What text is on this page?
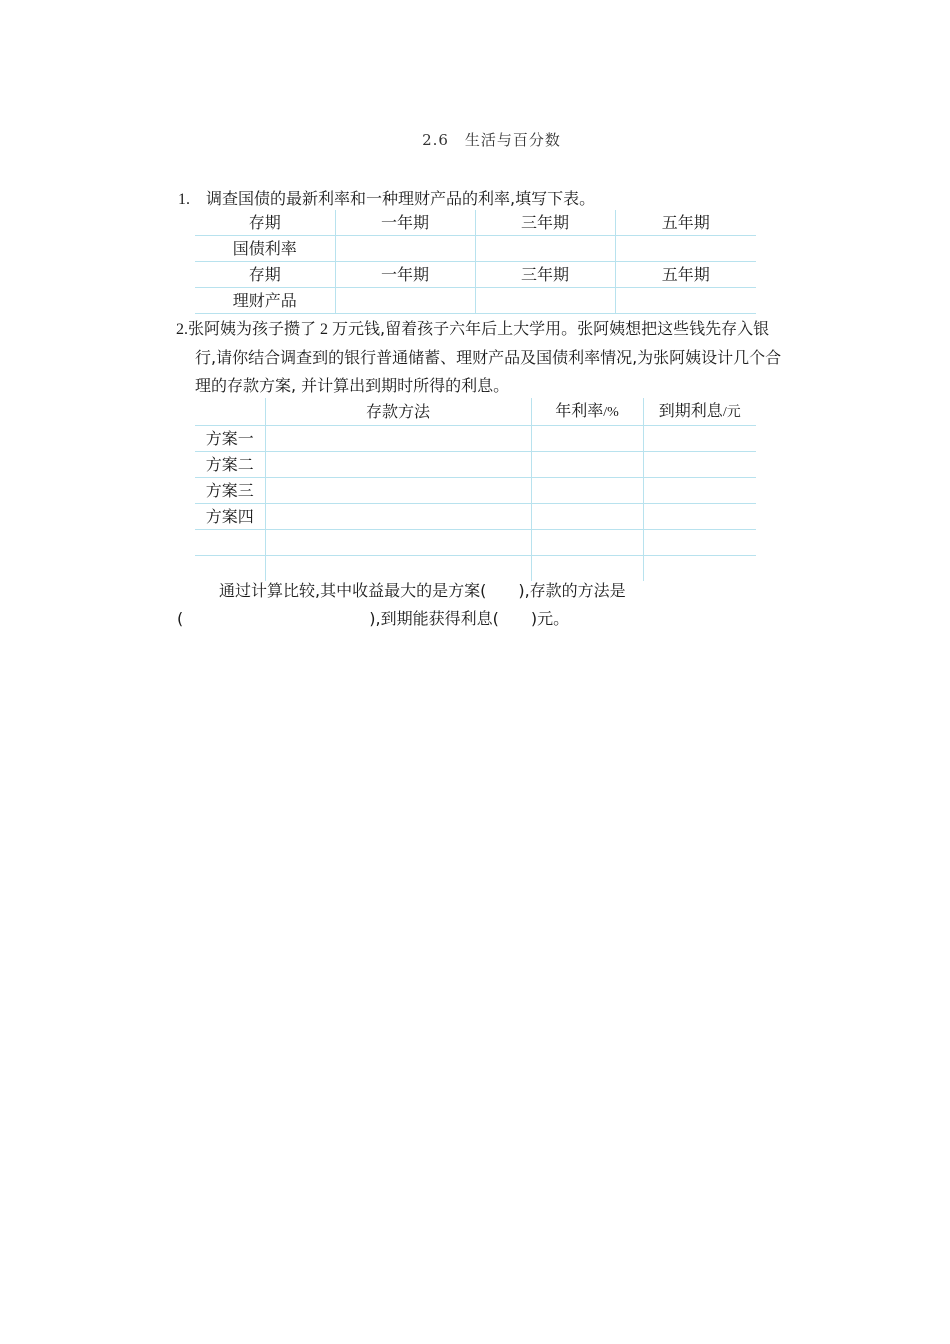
2.6　生活与百分数
1. 调查国债的最新利率和一种理财产品的利率,填写下表。
存期	一年期	三年期	五年期
国债利率			
存期	一年期	三年期	五年期
理财产品			
2.张阿姨为孩子攒了 2 万元钱,留着孩子六年后上大学用。张阿姨想把这些钱先存入银
行,请你结合调查到的银行普通储蓄、理财产品及国债利率情况,为张阿姨设计几个合
理的存款方案, 并计算出到期时所得的利息。
	存款方法	年利率/%	到期利息/元
方案一			
方案二			
方案三			
方案四			

通过计算比较,其中收益最大的是方案( ),存款的方法是
(	),到期能获得利息( )元。
